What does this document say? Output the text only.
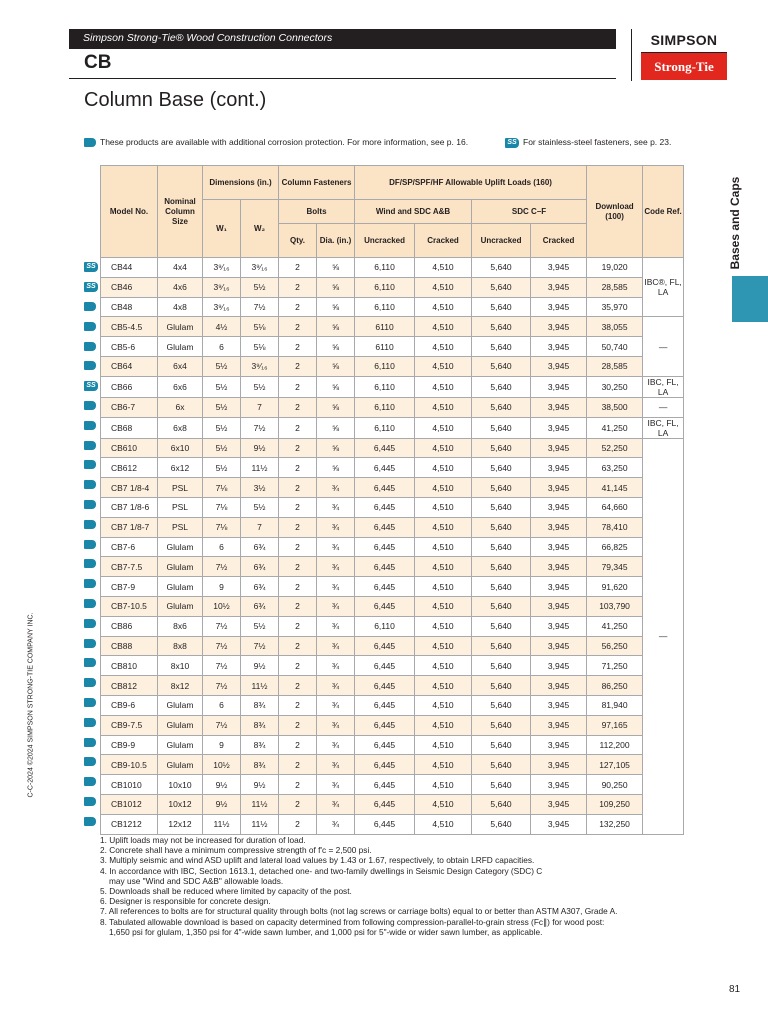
Simpson Strong-Tie® Wood Construction Connectors
CB
SIMPSON
Strong-Tie
Column Base (cont.)
These products are available with additional corrosion protection. For more information, see p. 16.	SS For stainless-steel fasteners, see p. 23.
Bases and Caps
Model No.	Nominal Column Size	Dimensions (in.)		Column Fasteners		DF/SP/SPF/HF Allowable Uplift Loads (160)				Download (100)	Code Ref.
		W₁	W₂	Bolts		Wind and SDC A&B		SDC C–F			
				Qty.	Dia. (in.)	Uncracked	Cracked	Uncracked	Cracked		
CB44	4x4	3⁹⁄₁₆	3⁹⁄₁₆	2	⅝	6,110	4,510	5,640	3,945	19,020	IBC®, FL, LA
CB46	4x6	3⁹⁄₁₆	5½	2	⅝	6,110	4,510	5,640	3,945	28,585	
CB48	4x8	3⁹⁄₁₆	7½	2	⅝	6,110	4,510	5,640	3,945	35,970	
CB5-4.5	Glulam	4½	5⅛	2	⅝	6110	4,510	5,640	3,945	38,055	—
CB5-6	Glulam	6	5⅛	2	⅝	6110	4,510	5,640	3,945	50,740	
CB64	6x4	5½	3⁹⁄₁₆	2	⅝	6,110	4,510	5,640	3,945	28,585	
CB66	6x6	5½	5½	2	⅝	6,110	4,510	5,640	3,945	30,250	IBC, FL, LA
CB6-7	6x	5½	7	2	⅝	6,110	4,510	5,640	3,945	38,500	—
CB68	6x8	5½	7½	2	⅝	6,110	4,510	5,640	3,945	41,250	IBC, FL, LA
CB610	6x10	5½	9½	2	⅝	6,445	4,510	5,640	3,945	52,250	—
CB612	6x12	5½	11½	2	⅝	6,445	4,510	5,640	3,945	63,250	
CB7 1/8-4	PSL	7⅛	3½	2	¾	6,445	4,510	5,640	3,945	41,145	
CB7 1/8-6	PSL	7⅛	5½	2	¾	6,445	4,510	5,640	3,945	64,660	
CB7 1/8-7	PSL	7⅛	7	2	¾	6,445	4,510	5,640	3,945	78,410	
CB7-6	Glulam	6	6¾	2	¾	6,445	4,510	5,640	3,945	66,825	
CB7-7.5	Glulam	7½	6¾	2	¾	6,445	4,510	5,640	3,945	79,345	
CB7-9	Glulam	9	6¾	2	¾	6,445	4,510	5,640	3,945	91,620	
CB7-10.5	Glulam	10½	6¾	2	¾	6,445	4,510	5,640	3,945	103,790	
CB86	8x6	7½	5½	2	¾	6,110	4,510	5,640	3,945	41,250	
CB88	8x8	7½	7½	2	¾	6,445	4,510	5,640	3,945	56,250	
CB810	8x10	7½	9½	2	¾	6,445	4,510	5,640	3,945	71,250	
CB812	8x12	7½	11½	2	¾	6,445	4,510	5,640	3,945	86,250	
CB9-6	Glulam	6	8¾	2	¾	6,445	4,510	5,640	3,945	81,940	
CB9-7.5	Glulam	7½	8¾	2	¾	6,445	4,510	5,640	3,945	97,165	
CB9-9	Glulam	9	8¾	2	¾	6,445	4,510	5,640	3,945	112,200	
CB9-10.5	Glulam	10½	8¾	2	¾	6,445	4,510	5,640	3,945	127,105	
CB1010	10x10	9½	9½	2	¾	6,445	4,510	5,640	3,945	90,250	
CB1012	10x12	9½	11½	2	¾	6,445	4,510	5,640	3,945	109,250	
CB1212	12x12	11½	11½	2	¾	6,445	4,510	5,640	3,945	132,250	
SS
SS
SS
1. Uplift loads may not be increased for duration of load.
2. Concrete shall have a minimum compressive strength of f'c = 2,500 psi.
3. Multiply seismic and wind ASD uplift and lateral load values by 1.43 or 1.67, respectively, to obtain LRFD capacities.
4. In accordance with IBC, Section 1613.1, detached one- and two-family dwellings in Seismic Design Category (SDC) C
may use "Wind and SDC A&B" allowable loads.
5. Downloads shall be reduced where limited by capacity of the post.
6. Designer is responsible for concrete design.
7. All references to bolts are for structural quality through bolts (not lag screws or carriage bolts) equal to or better than ASTM A307, Grade A.
8. Tabulated allowable download is based on capacity determined from following compression-parallel-to-grain stress (Fc∥) for wood post:
1,650 psi for glulam, 1,350 psi for 4"-wide sawn lumber, and 1,000 psi for 5"-wide or wider sawn lumber, as applicable.
C-C-2024 ©2024 SIMPSON STRONG-TIE COMPANY INC.
81
